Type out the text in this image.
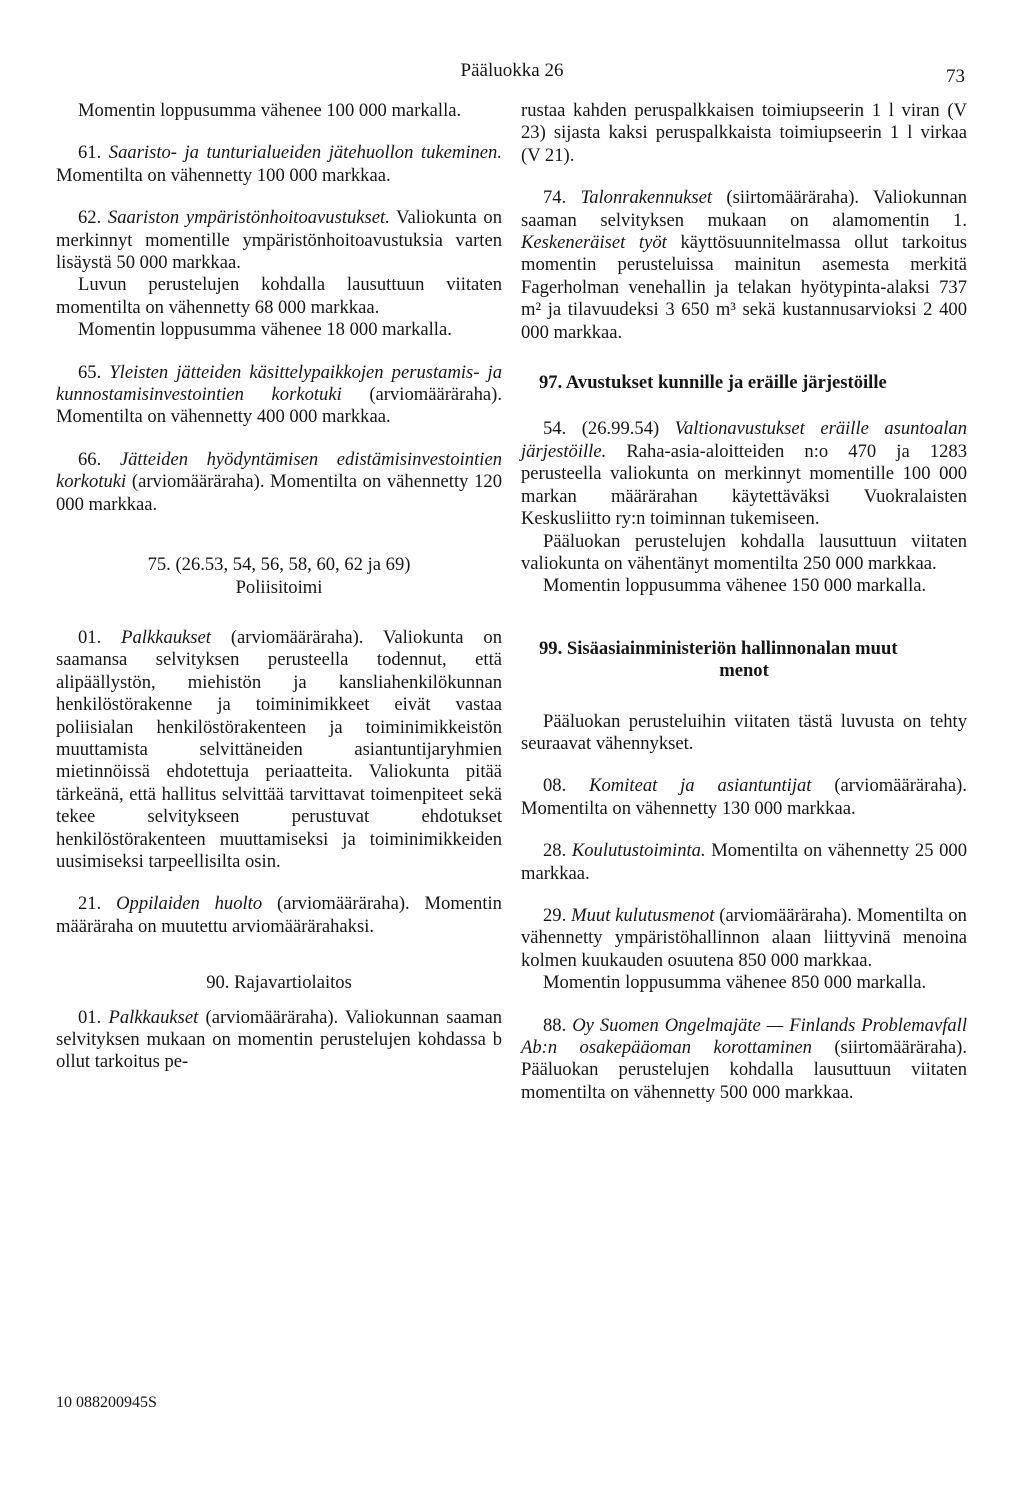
Pääluokka 26	73

Momentin loppusumma vähenee 100 000 markalla.

61. Saaristo- ja tunturialueiden jätehuollon tukeminen. Momentilta on vähennetty 100 000 markkaa.

62. Saariston ympäristönhoitoavustukset. Valiokunta on merkinnyt momentille ympäristönhoitoavustuksia varten lisäystä 50 000 markkaa.

Luvun perustelujen kohdalla lausuttuun viitaten momentilta on vähennetty 68 000 markkaa.

Momentin loppusumma vähenee 18 000 markalla.

65. Yleisten jätteiden käsittelypaikkojen perustamis- ja kunnostamisinvestointien korkotuki (arviomääräraha). Momentilta on vähennetty 400 000 markkaa.

66. Jätteiden hyödyntämisen edistämisinvestointien korkotuki (arviomääräraha). Momentilta on vähennetty 120 000 markkaa.

75. (26.53, 54, 56, 58, 60, 62 ja 69)

Poliisitoimi

01. Palkkaukset (arviomääräraha). Valiokunta on saamansa selvityksen perusteella todennut, että alipäällystön, miehistön ja kansliahenkilökunnan henkilöstörakenne ja toiminimikkeet eivät vastaa poliisialan henkilöstörakenteen ja toiminimikkeistön muuttamista selvittäneiden asiantuntijaryhmien mietinnöissä ehdotettuja periaatteita. Valiokunta pitää tärkeänä, että hallitus selvittää tarvittavat toimenpiteet sekä tekee selvitykseen perustuvat ehdotukset henkilöstörakenteen muuttamiseksi ja toiminimikkeiden uusimiseksi tarpeellisilta osin.

21. Oppilaiden huolto (arviomääräraha). Momentin määräraha on muutettu arviomäärärahaksi.

90. Rajavartiolaitos

01. Palkkaukset (arviomääräraha). Valiokunnan saaman selvityksen mukaan on momentin perustelujen kohdassa b ollut tarkoitus pe-

rustaa kahden peruspalkkaisen toimiupseerin 1 l viran (V 23) sijasta kaksi peruspalkkaista toimiupseerin 1 l virkaa (V 21).

74. Talonrakennukset (siirtomääräraha). Valiokunnan saaman selvityksen mukaan on alamomentin 1. Keskeneräiset työt käyttösuunnitelmassa ollut tarkoitus momentin perusteluissa mainitun asemesta merkitä Fagerholman venehallin ja telakan hyötypinta-alaksi 737 m² ja tilavuudeksi 3 650 m³ sekä kustannusarvioksi 2 400 000 markkaa.

97. Avustukset kunnille ja eräille järjestöille

54. (26.99.54) Valtionavustukset eräille asuntoalan järjestöille. Raha-asia-aloitteiden n:o 470 ja 1283 perusteella valiokunta on merkinnyt momentille 100 000 markan määrärahan käytettäväksi Vuokralaisten Keskusliitto ry:n toiminnan tukemiseen.

Pääluokan perustelujen kohdalla lausuttuun viitaten valiokunta on vähentänyt momentilta 250 000 markkaa.

Momentin loppusumma vähenee 150 000 markalla.

99. Sisäasiainministeriön hallinnonalan muut

menot

Pääluokan perusteluihin viitaten tästä luvusta on tehty seuraavat vähennykset.

08. Komiteat ja asiantuntijat (arviomääräraha). Momentilta on vähennetty 130 000 markkaa.

28. Koulutustoiminta. Momentilta on vähennetty 25 000 markkaa.

29. Muut kulutusmenot (arviomääräraha). Momentilta on vähennetty ympäristöhallinnon alaan liittyvinä menoina kolmen kuukauden osuutena 850 000 markkaa.

Momentin loppusumma vähenee 850 000 markalla.

88. Oy Suomen Ongelmajäte — Finlands Problemavfall Ab:n osakepääoman korottaminen (siirtomääräraha). Pääluokan perustelujen kohdalla lausuttuun viitaten momentilta on vähennetty 500 000 markkaa.

10 088200945S
